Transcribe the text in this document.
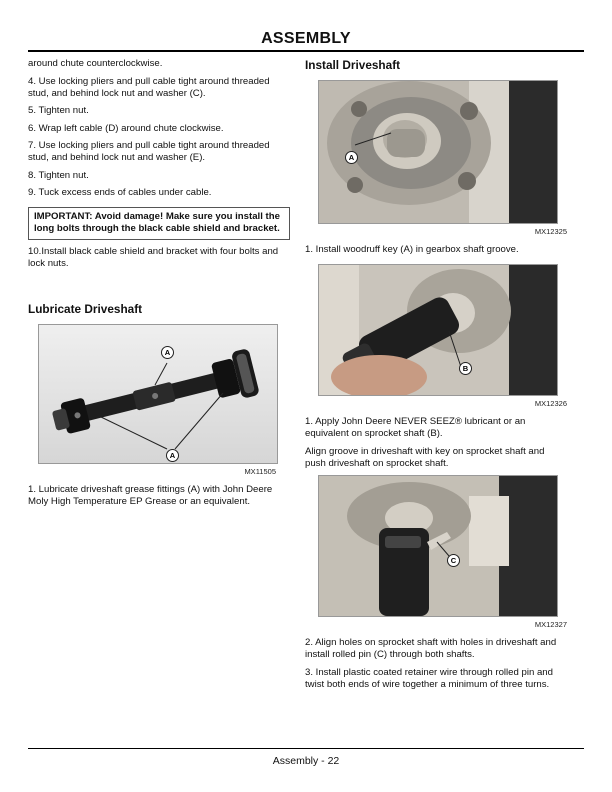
ASSEMBLY

around chute counterclockwise.

4. Use locking pliers and pull cable tight around threaded stud, and behind lock nut and washer (C).

5. Tighten nut.

6. Wrap left cable (D) around chute clockwise.

7. Use locking pliers and pull cable tight around threaded stud, and behind lock nut and washer (E).

8. Tighten nut.

9. Tuck excess ends of cables under cable.

IMPORTANT: Avoid damage! Make sure you install the long bolts through the black cable shield and bracket.

10.Install black cable shield and bracket with four bolts and lock nuts.

Lubricate Driveshaft
A
A
MX11505

1. Lubricate driveshaft grease fittings (A) with John Deere Moly High Temperature EP Grease or an equivalent.

Install Driveshaft
A
MX12325

1. Install woodruff key (A) in gearbox shaft groove.

B
MX12326

1. Apply John Deere NEVER SEEZ® lubricant or an equivalent on sprocket shaft (B).

Align groove in driveshaft with key on sprocket shaft and push driveshaft on sprocket shaft.

C
MX12327

2. Align holes on sprocket shaft with holes in driveshaft and install rolled pin (C) through both shafts.

3. Install plastic coated retainer wire through rolled pin and twist both ends of wire together a minimum of three turns.

Assembly - 22
